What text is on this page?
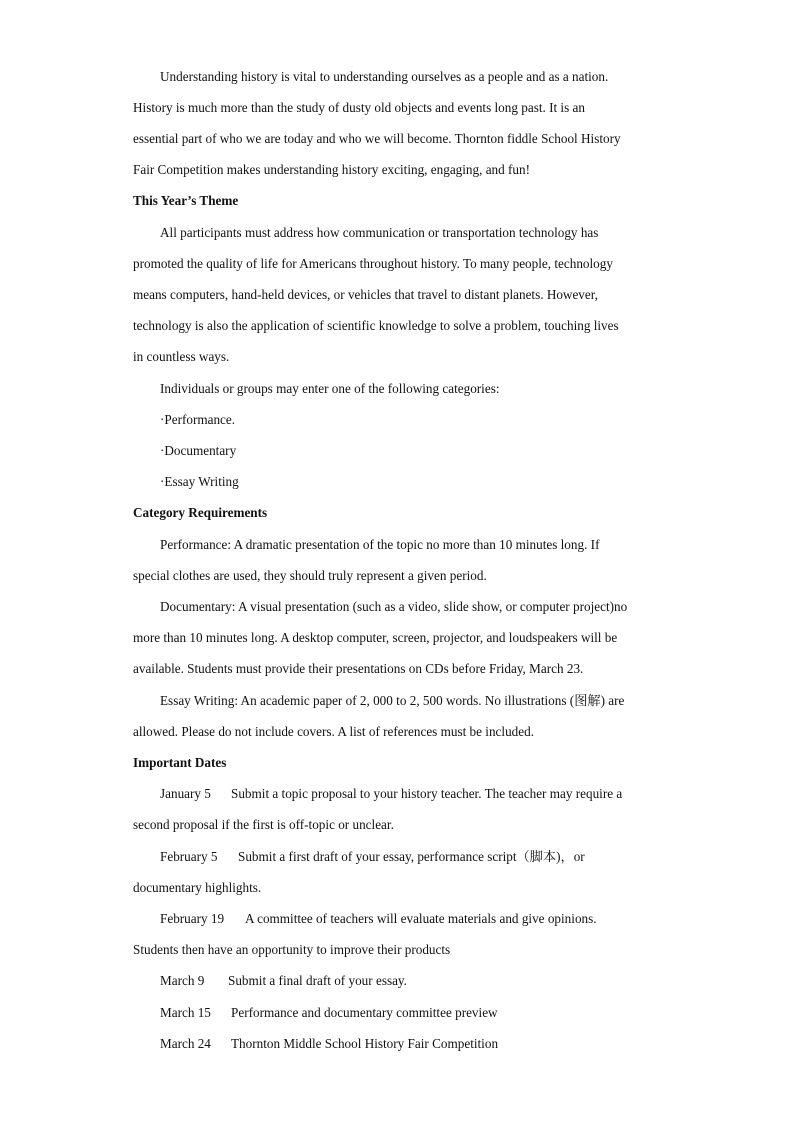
Understanding history is vital to understanding ourselves as a people and as a nation.
History is much more than the study of dusty old objects and events long past. It is an
essential part of who we are today and who we will become. Thornton fiddle School History
Fair Competition makes understanding history exciting, engaging, and fun!
This Year’s Theme
All participants must address how communication or transportation technology has
promoted the quality of life for Americans throughout history. To many people, technology
means computers, hand-held devices, or vehicles that travel to distant planets. However,
technology is also the application of scientific knowledge to solve a problem, touching lives
in countless ways.
Individuals or groups may enter one of the following categories:
·Performance.
·Documentary
·Essay Writing
Category Requirements
Performance: A dramatic presentation of the topic no more than 10 minutes long. If
special clothes are used, they should truly represent a given period.
Documentary: A visual presentation (such as a video, slide show, or computer project)no
more than 10 minutes long. A desktop computer, screen, projector, and loudspeakers will be
available. Students must provide their presentations on CDs before Friday, March 23.
Essay Writing: An academic paper of 2, 000 to 2, 500 words. No illustrations (图解) are
allowed. Please do not include covers. A list of references must be included.
Important Dates
January 5 Submit a topic proposal to your history teacher. The teacher may require a
second proposal if the first is off-topic or unclear.
February 5 Submit a first draft of your essay, performance script（脚本)，or
documentary highlights.
February 19 A committee of teachers will evaluate materials and give opinions.
Students then have an opportunity to improve their products
March 9 Submit a final draft of your essay.
March 15 Performance and documentary committee preview
March 24 Thornton Middle School History Fair Competition
